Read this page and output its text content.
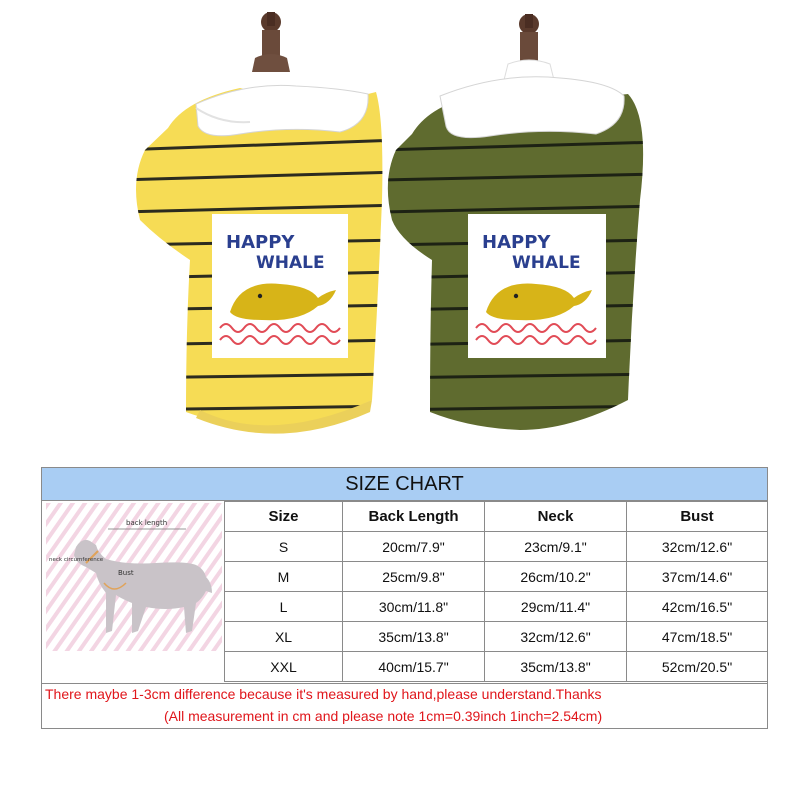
HAPPY
WHALE
HAPPY
WHALE
SIZE CHART
back length
neck circumference
Bust
Size	Back Length	Neck	Bust
S	20cm/7.9"	23cm/9.1"	32cm/12.6"
M	25cm/9.8"	26cm/10.2"	37cm/14.6"
L	30cm/11.8"	29cm/11.4"	42cm/16.5"
XL	35cm/13.8"	32cm/12.6"	47cm/18.5"
XXL	40cm/15.7"	35cm/13.8"	52cm/20.5"
There maybe 1-3cm difference because it's measured by hand,please understand.Thanks
(All measurement in cm and please note 1cm=0.39inch 1inch=2.54cm)
